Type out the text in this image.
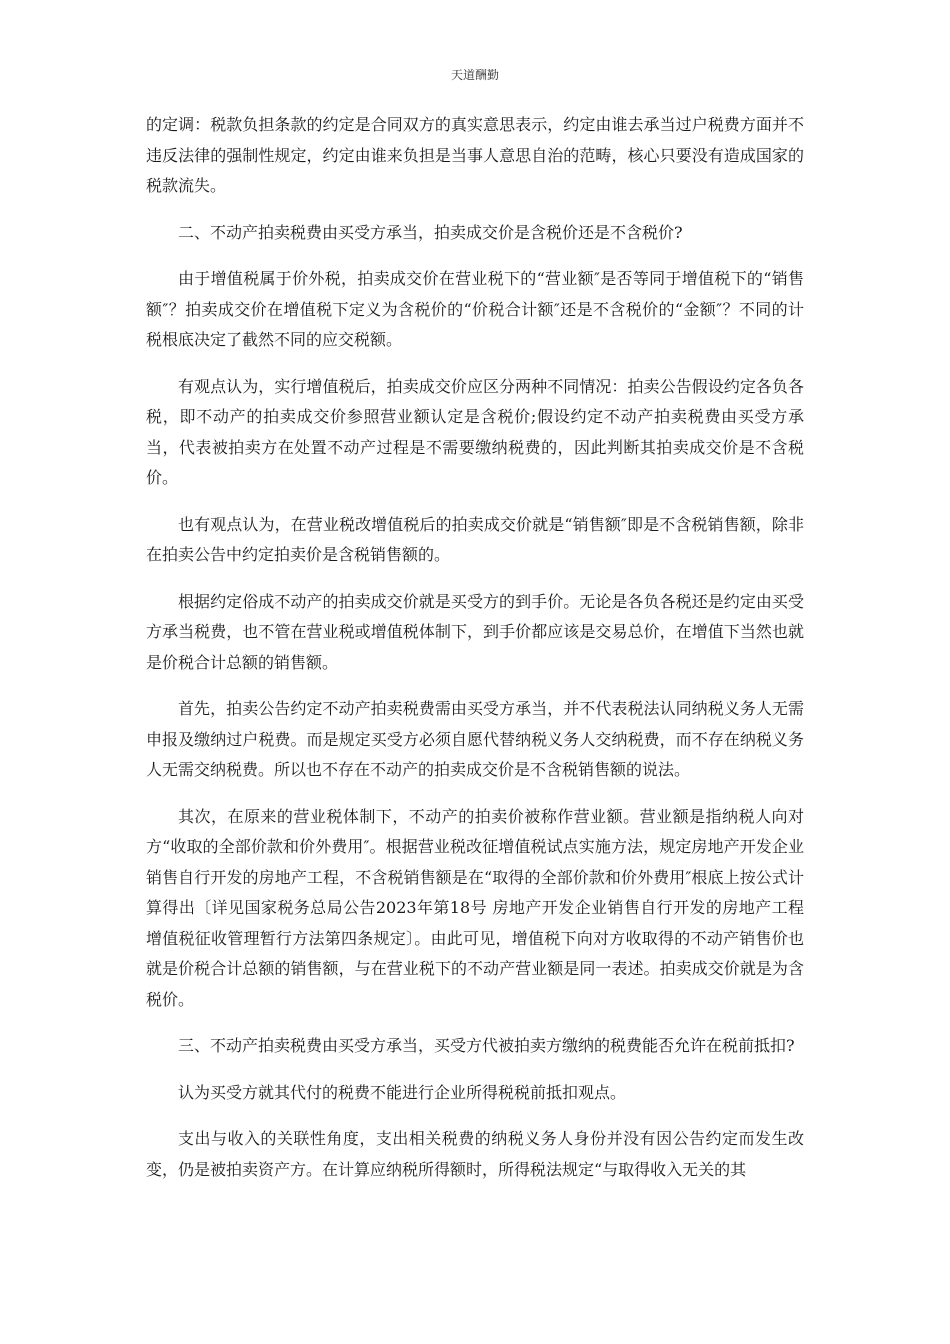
天道酬勤

的定调：税款负担条款的约定是合同双方的真实意思表示，约定由谁去承当过户税费方面并不违反法律的强制性规定，约定由谁来负担是当事人意思自治的范畴，核心只要没有造成国家的税款流失。

二、不动产拍卖税费由买受方承当，拍卖成交价是含税价还是不含税价?

由于增值税属于价外税，拍卖成交价在营业税下的“营业额″是否等同于增值税下的“销售额″？拍卖成交价在增值税下定义为含税价的“价税合计额″还是不含税价的“金额″？不同的计税根底决定了截然不同的应交税额。

有观点认为，实行增值税后，拍卖成交价应区分两种不同情况：拍卖公告假设约定各负各税，即不动产的拍卖成交价参照营业额认定是含税价;假设约定不动产拍卖税费由买受方承当，代表被拍卖方在处置不动产过程是不需要缴纳税费的，因此判断其拍卖成交价是不含税价。

也有观点认为，在营业税改增值税后的拍卖成交价就是“销售额″即是不含税销售额，除非在拍卖公告中约定拍卖价是含税销售额的。

根据约定俗成不动产的拍卖成交价就是买受方的到手价。无论是各负各税还是约定由买受方承当税费，也不管在营业税或增值税体制下，到手价都应该是交易总价，在增值下当然也就是价税合计总额的销售额。

首先，拍卖公告约定不动产拍卖税费需由买受方承当，并不代表税法认同纳税义务人无需申报及缴纳过户税费。而是规定买受方必须自愿代替纳税义务人交纳税费，而不存在纳税义务人无需交纳税费。所以也不存在不动产的拍卖成交价是不含税销售额的说法。

其次，在原来的营业税体制下，不动产的拍卖价被称作营业额。营业额是指纳税人向对方“收取的全部价款和价外费用″。根据营业税改征增值税试点实施方法，规定房地产开发企业销售自行开发的房地产工程，不含税销售额是在“取得的全部价款和价外费用″根底上按公式计算得出〔详见国家税务总局公告2023年第18号 房地产开发企业销售自行开发的房地产工程增值税征收管理暂行方法第四条规定〕。由此可见，增值税下向对方收取得的不动产销售价也就是价税合计总额的销售额，与在营业税下的不动产营业额是同一表述。拍卖成交价就是为含税价。

三、不动产拍卖税费由买受方承当，买受方代被拍卖方缴纳的税费能否允许在税前抵扣?

认为买受方就其代付的税费不能进行企业所得税税前抵扣观点。

支出与收入的关联性角度，支出相关税费的纳税义务人身份并没有因公告约定而发生改变，仍是被拍卖资产方。在计算应纳税所得额时，所得税法规定“与取得收入无关的其
